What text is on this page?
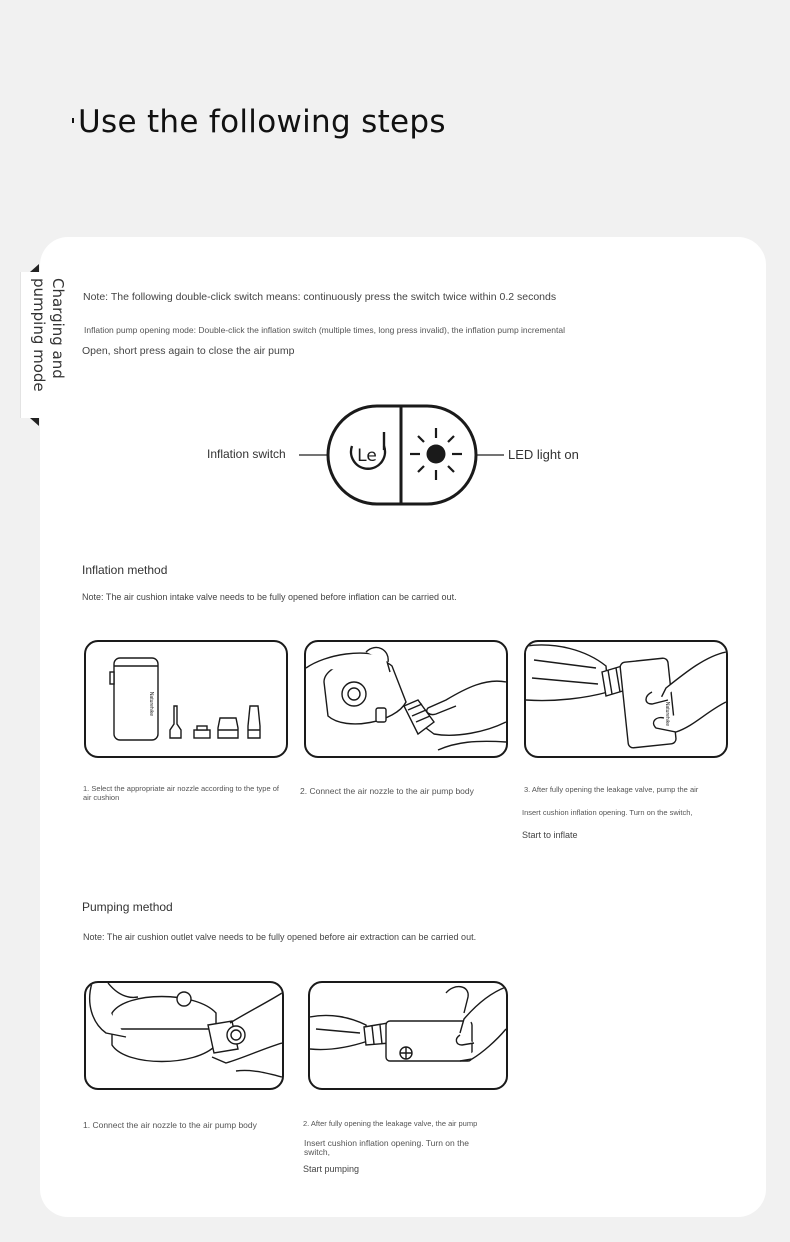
Use the following steps
Charging and
pumping mode
Note: The following double-click switch means: continuously press the switch twice within 0.2 seconds
Inflation pump opening mode: Double-click the inflation switch (multiple times, long press invalid), the inflation pump incremental
Open, short press again to close the air pump
Inflation switch	Le	LED light on
Inflation method
Note: The air cushion intake valve needs to be fully opened before inflation can be carried out.
Naturehike	Naturehike
1. Select the appropriate air nozzle according to the type of air cushion
2. Connect the air nozzle to the air pump body	3. After fully opening the leakage valve, pump the air
Insert cushion inflation opening. Turn on the switch,
Start to inflate
Pumping method
Note: The air cushion outlet valve needs to be fully opened before air extraction can be carried out.
1. Connect the air nozzle to the air pump body	2. After fully opening the leakage valve, the air pump
Insert cushion inflation opening. Turn on the switch,
Start pumping
